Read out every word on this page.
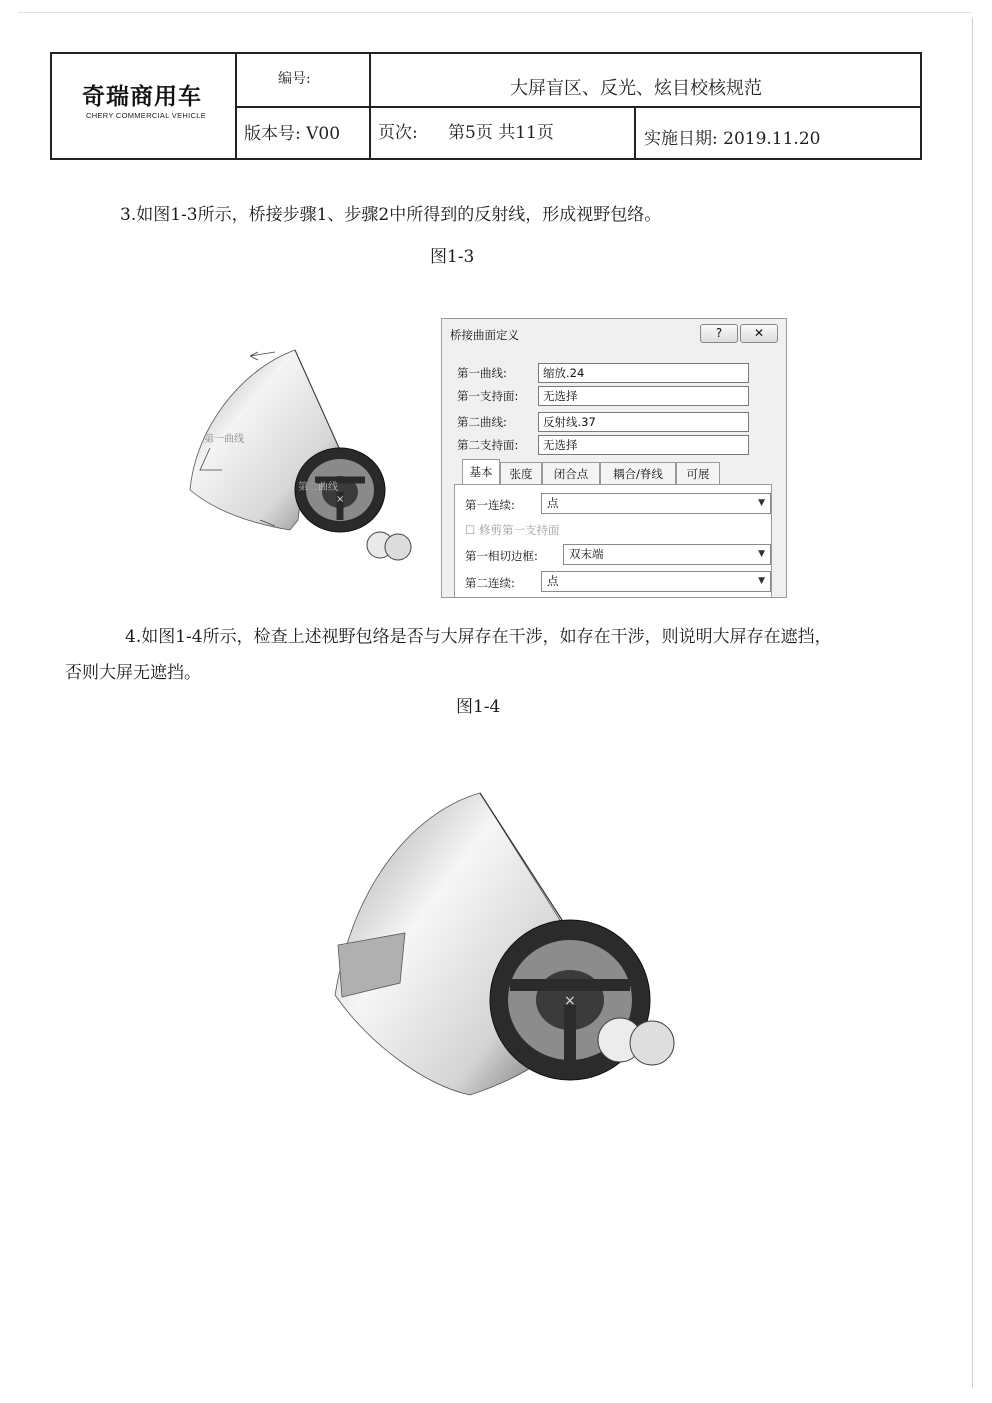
奇瑞商用车
CHERY COMMERCIAL VEHICLE
编号:	大屏盲区、反光、炫目校核规范
版本号: V00 页次: 第5页 共11页	实施日期: 2019.11.20
3.如图1-3所示，桥接步骤1、步骤2中所得到的反射线，形成视野包络。
图1-3
×
第一曲线
第二曲线
桥接曲面定义	?	✕
第一曲线:	缩放.24
第一支持面:	无选择
第二曲线:	反射线.37
第二支持面:	无选择
基本	张度	闭合点	耦合/脊线	可展
第一连续:	点	▼
☐ 修剪第一支持面
第一相切边框:	双末端	▼
第二连续:	点	▼
4.如图1-4所示，检查上述视野包络是否与大屏存在干涉，如存在干涉，则说明大屏存在遮挡，
否则大屏无遮挡。
图1-4
×
